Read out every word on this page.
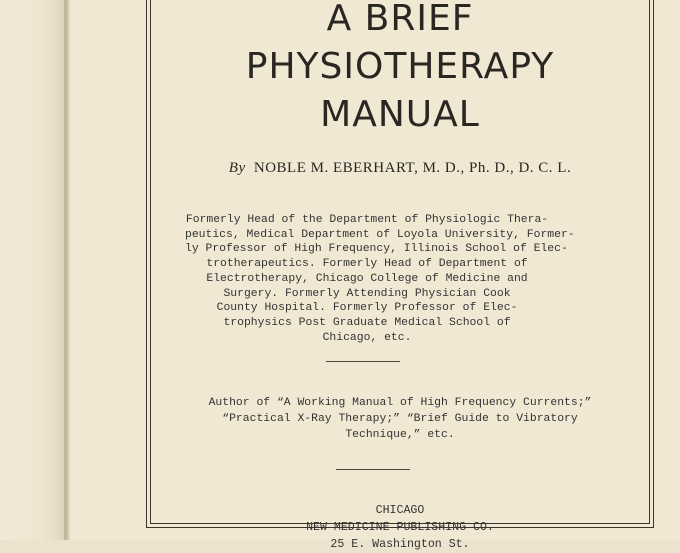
A BRIEF
PHYSIOTHERAPY
MANUAL
By NOBLE M. EBERHART, M. D., Ph. D., D. C. L.
Formerly Head of the Department of Physiologic Thera-
peutics, Medical Department of Loyola University, Former-
ly Professor of High Frequency, Illinois School of Elec-
trotherapeutics. Formerly Head of Department of
Electrotherapy, Chicago College of Medicine and
Surgery. Formerly Attending Physician Cook
County Hospital. Formerly Professor of Elec-
trophysics Post Graduate Medical School of
Chicago, etc.
Author of “A Working Manual of High Frequency Currents;”
“Practical X-Ray Therapy;” “Brief Guide to Vibratory
Technique,” etc.
CHICAGO
NEW MEDICINE PUBLISHING CO.
25 E. Washington St.
